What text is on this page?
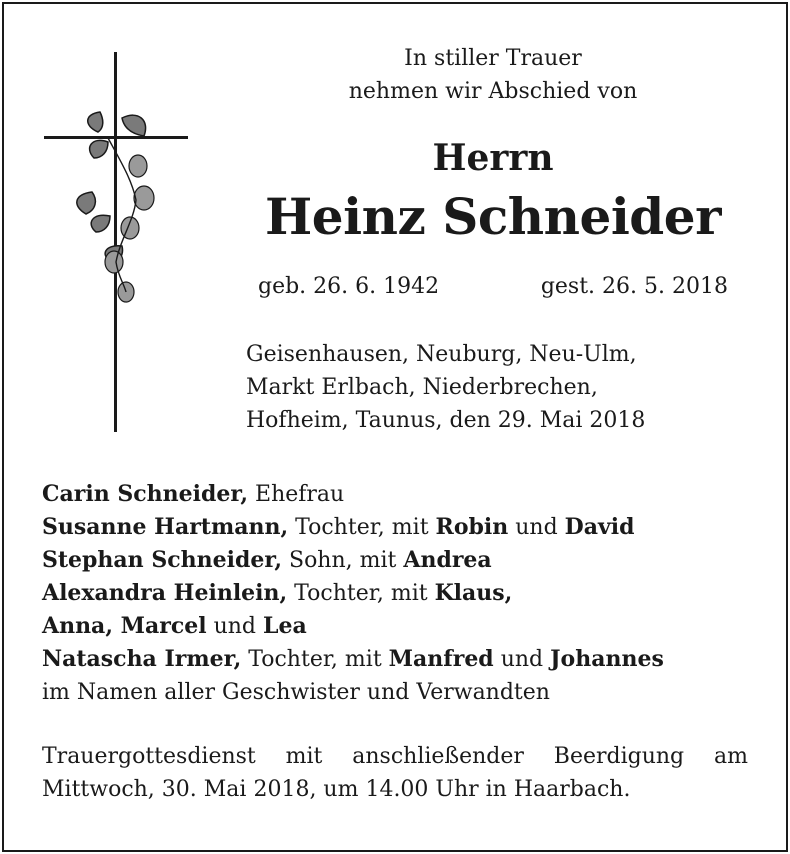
In stiller Trauer
nehmen wir Abschied von
Herrn
Heinz Schneider
geb. 26. 6. 1942	gest. 26. 5. 2018
Geisenhausen, Neuburg, Neu-Ulm,
Markt Erlbach, Niederbrechen,
Hofheim, Taunus, den 29. Mai 2018
Carin Schneider, Ehefrau
Susanne Hartmann, Tochter, mit Robin und David
Stephan Schneider, Sohn, mit Andrea
Alexandra Heinlein, Tochter, mit Klaus,
Anna, Marcel und Lea
Natascha Irmer, Tochter, mit Manfred und Johannes
im Namen aller Geschwister und Verwandten
Trauergottesdienst mit anschließender Beerdigung am
Mittwoch, 30. Mai 2018, um 14.00 Uhr in Haarbach.
